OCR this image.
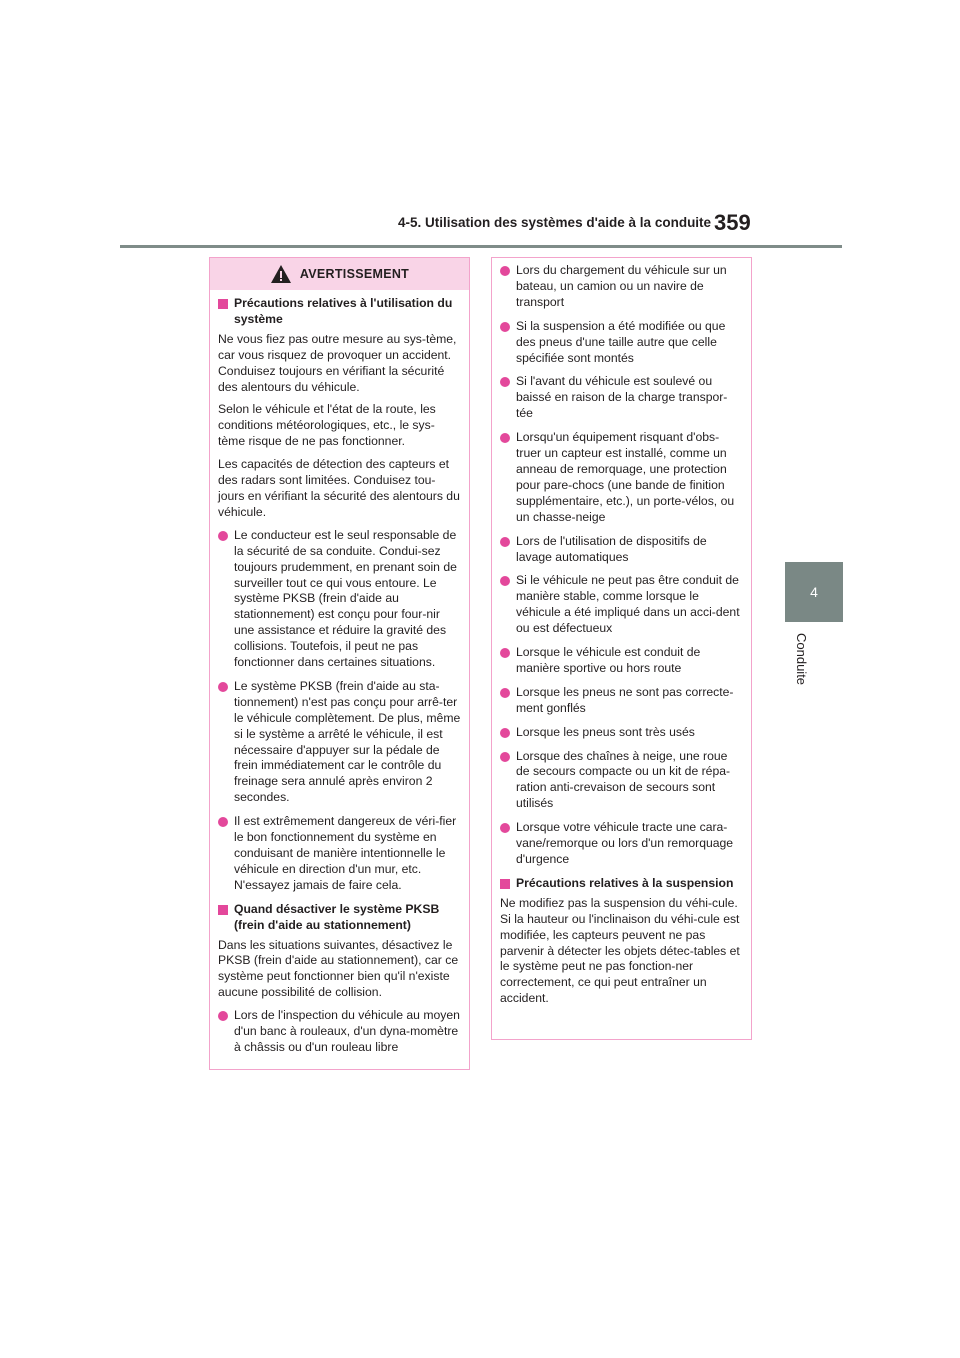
4-5. Utilisation des systèmes d'aide à la conduite 359
4
Conduite
AVERTISSEMENT

Précautions relatives à l'utilisation du système

Ne vous fiez pas outre mesure au sys-tème, car vous risquez de provoquer un accident. Conduisez toujours en vérifiant la sécurité des alentours du véhicule.

Selon le véhicule et l'état de la route, les conditions météorologiques, etc., le sys-tème risque de ne pas fonctionner.

Les capacités de détection des capteurs et des radars sont limitées. Conduisez tou-jours en vérifiant la sécurité des alentours du véhicule.

Le conducteur est le seul responsable de la sécurité de sa conduite. Condui-sez toujours prudemment, en prenant soin de surveiller tout ce qui vous entoure. Le système PKSB (frein d'aide au stationnement) est conçu pour four-nir une assistance et réduire la gravité des collisions. Toutefois, il peut ne pas fonctionner dans certaines situations.

Le système PKSB (frein d'aide au sta-tionnement) n'est pas conçu pour arrê-ter le véhicule complètement. De plus, même si le système a arrêté le véhicule, il est nécessaire d'appuyer sur la pédale de frein immédiatement car le contrôle du freinage sera annulé après environ 2 secondes.

Il est extrêmement dangereux de véri-fier le bon fonctionnement du système en conduisant de manière intentionnelle le véhicule en direction d'un mur, etc. N'essayez jamais de faire cela.

Quand désactiver le système PKSB (frein d'aide au stationnement)

Dans les situations suivantes, désactivez le PKSB (frein d'aide au stationnement), car ce système peut fonctionner bien qu'il n'existe aucune possibilité de collision.

Lors de l'inspection du véhicule au moyen d'un banc à rouleaux, d'un dyna-momètre à châssis ou d'un rouleau libre

Lors du chargement du véhicule sur un bateau, un camion ou un navire de transport

Si la suspension a été modifiée ou que des pneus d'une taille autre que celle spécifiée sont montés

Si l'avant du véhicule est soulevé ou baissé en raison de la charge transpor-tée

Lorsqu'un équipement risquant d'obs-truer un capteur est installé, comme un anneau de remorquage, une protection pour pare-chocs (une bande de finition supplémentaire, etc.), un porte-vélos, ou un chasse-neige

Lors de l'utilisation de dispositifs de lavage automatiques

Si le véhicule ne peut pas être conduit de manière stable, comme lorsque le véhicule a été impliqué dans un acci-dent ou est défectueux

Lorsque le véhicule est conduit de manière sportive ou hors route

Lorsque les pneus ne sont pas correcte-ment gonflés

Lorsque les pneus sont très usés

Lorsque des chaînes à neige, une roue de secours compacte ou un kit de répa-ration anti-crevaison de secours sont utilisés

Lorsque votre véhicule tracte une cara-vane/remorque ou lors d'un remorquage d'urgence

Précautions relatives à la suspension

Ne modifiez pas la suspension du véhi-cule. Si la hauteur ou l'inclinaison du véhi-cule est modifiée, les capteurs peuvent ne pas parvenir à détecter les objets détec-tables et le système peut ne pas fonction-ner correctement, ce qui peut entraîner un accident.
